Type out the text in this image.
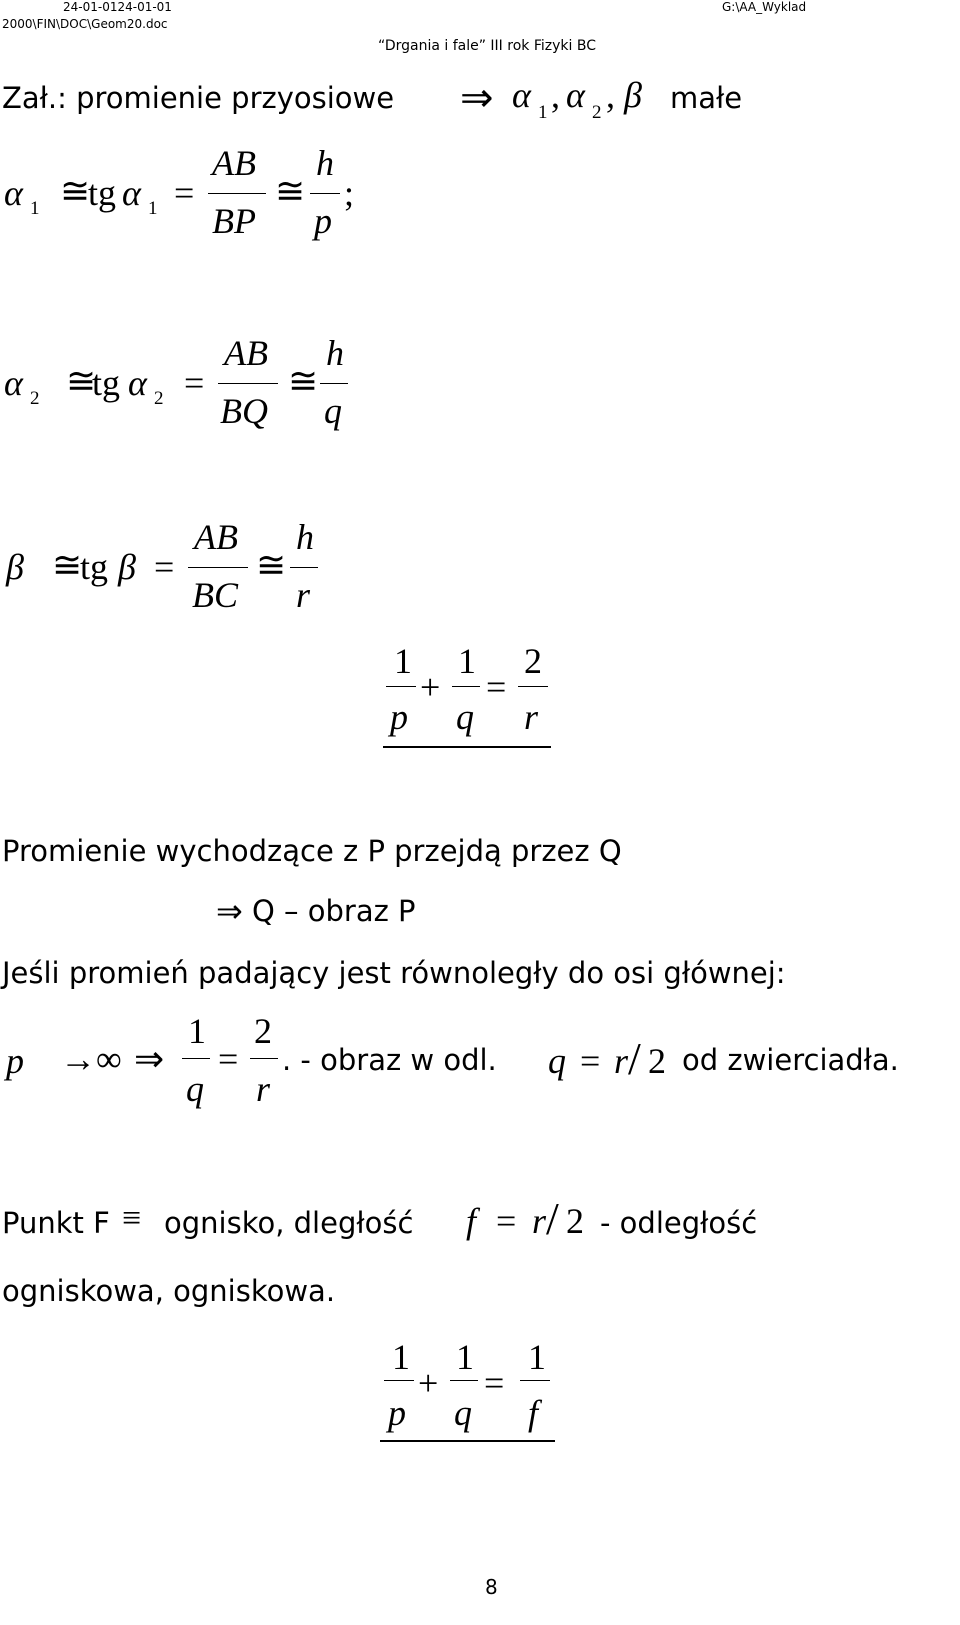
24-01-0124-01-01
2000\FIN\DOC\Geom20.doc
G:\AA_Wyklad
“Drgania i fale” III rok Fizyki BC
Zał.: promienie przyosiowe ⇒ α 1 , α 2 , β małe
α 1 ≅
tg α 1 =
AB
BP
≅
h
p
;
α 2 ≅
tg α 2 =
AB
BQ
≅
h
q
β ≅
tg β =
AB
BC
≅
h
r
1
p
+
1
q
=
2
r
Promienie wychodzące z P przejdą przez Q
⇒ Q – obraz P
Jeśli promień padający jest równoległy do osi głównej:
p → ∞ ⇒
1
q
=
2
r
. - obraz w odl. q = r / 2 od zwierciadła.
Punkt F ≡ ognisko, dległość f = r / 2 - odległość
ogniskowa, ogniskowa.
1
p
+
1
q
=
1
f
8
